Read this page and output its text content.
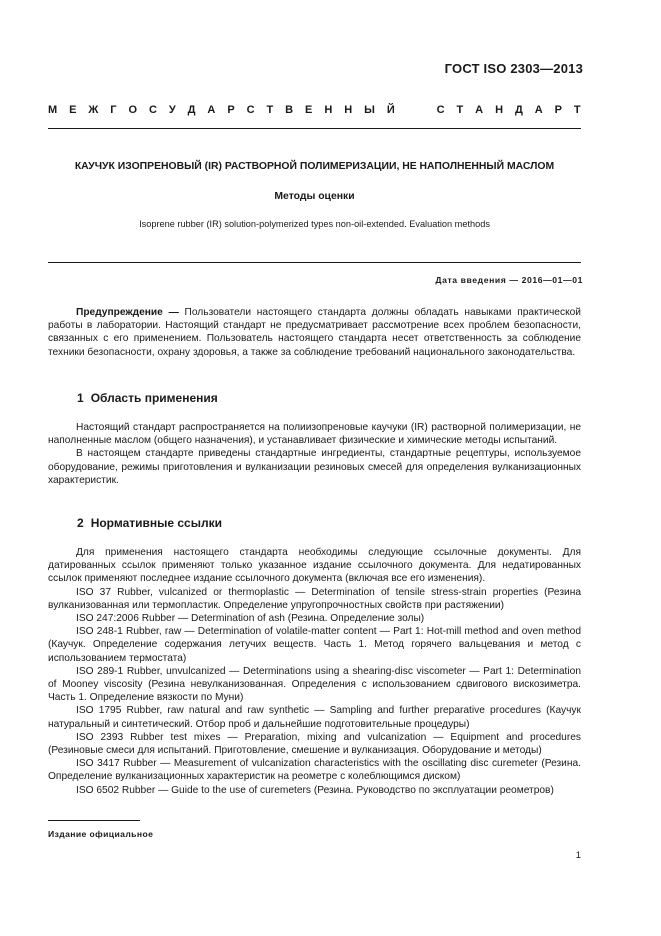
ГОСТ ISO 2303—2013
М Е Ж Г О С У Д А Р С Т В Е Н Н Ы Й	С Т А Н Д А Р Т
КАУЧУК ИЗОПРЕНОВЫЙ (IR) РАСТВОРНОЙ ПОЛИМЕРИЗАЦИИ, НЕ НАПОЛНЕННЫЙ МАСЛОМ
Методы оценки
Isoprene rubber (IR) solution-polymerized types non-oil-extended. Evaluation methods
Дата введения — 2016—01—01

Предупреждение — Пользователи настоящего стандарта должны обладать навыками практической работы в лаборатории. Настоящий стандарт не предусматривает рассмотрение всех проблем безопасности, связанных с его применением. Пользователь настоящего стандарта несет ответственность за соблюдение техники безопасности, охрану здоровья, а также за соблюдение требований национального законодательства.

1 Область применения

Настоящий стандарт распространяется на полиизопреновые каучуки (IR) растворной полимеризации, не наполненные маслом (общего назначения), и устанавливает физические и химические методы испытаний.

В настоящем стандарте приведены стандартные ингредиенты, стандартные рецептуры, используемое оборудование, режимы приготовления и вулканизации резиновых смесей для определения вулканизационных характеристик.

2 Нормативные ссылки

Для применения настоящего стандарта необходимы следующие ссылочные документы. Для датированных ссылок применяют только указанное издание ссылочного документа. Для недатированных ссылок применяют последнее издание ссылочного документа (включая все его изменения).

ISO 37 Rubber, vulcanized or thermoplastic — Determination of tensile stress-strain properties (Резина вулканизованная или термопластик. Определение упругопрочностных свойств при растяжении)

ISO 247:2006 Rubber — Determination of ash (Резина. Определение золы)

ISO 248-1 Rubber, raw — Determination of volatile-matter content — Part 1: Hot-mill method and oven method (Каучук. Определение содержания летучих веществ. Часть 1. Метод горячего вальцевания и метод с использованием термостата)

ISO 289-1 Rubber, unvulcanized — Determinations using a shearing-disc viscometer — Part 1: Determination of Mooney viscosity (Резина невулканизованная. Определения с использованием сдвигового вискозиметра. Часть 1. Определение вязкости по Муни)

ISO 1795 Rubber, raw natural and raw synthetic — Sampling and further preparative procedures (Каучук натуральный и синтетический. Отбор проб и дальнейшие подготовительные процедуры)

ISO 2393 Rubber test mixes — Preparation, mixing and vulcanization — Equipment and procedures (Резиновые смеси для испытаний. Приготовление, смешение и вулканизация. Оборудование и методы)

ISO 3417 Rubber — Measurement of vulcanization characteristics with the oscillating disc curemeter (Резина. Определение вулканизационных характеристик на реометре с колеблющимся диском)

ISO 6502 Rubber — Guide to the use of curemeters (Резина. Руководство по эксплуатации реометров)

Издание официальное
1
